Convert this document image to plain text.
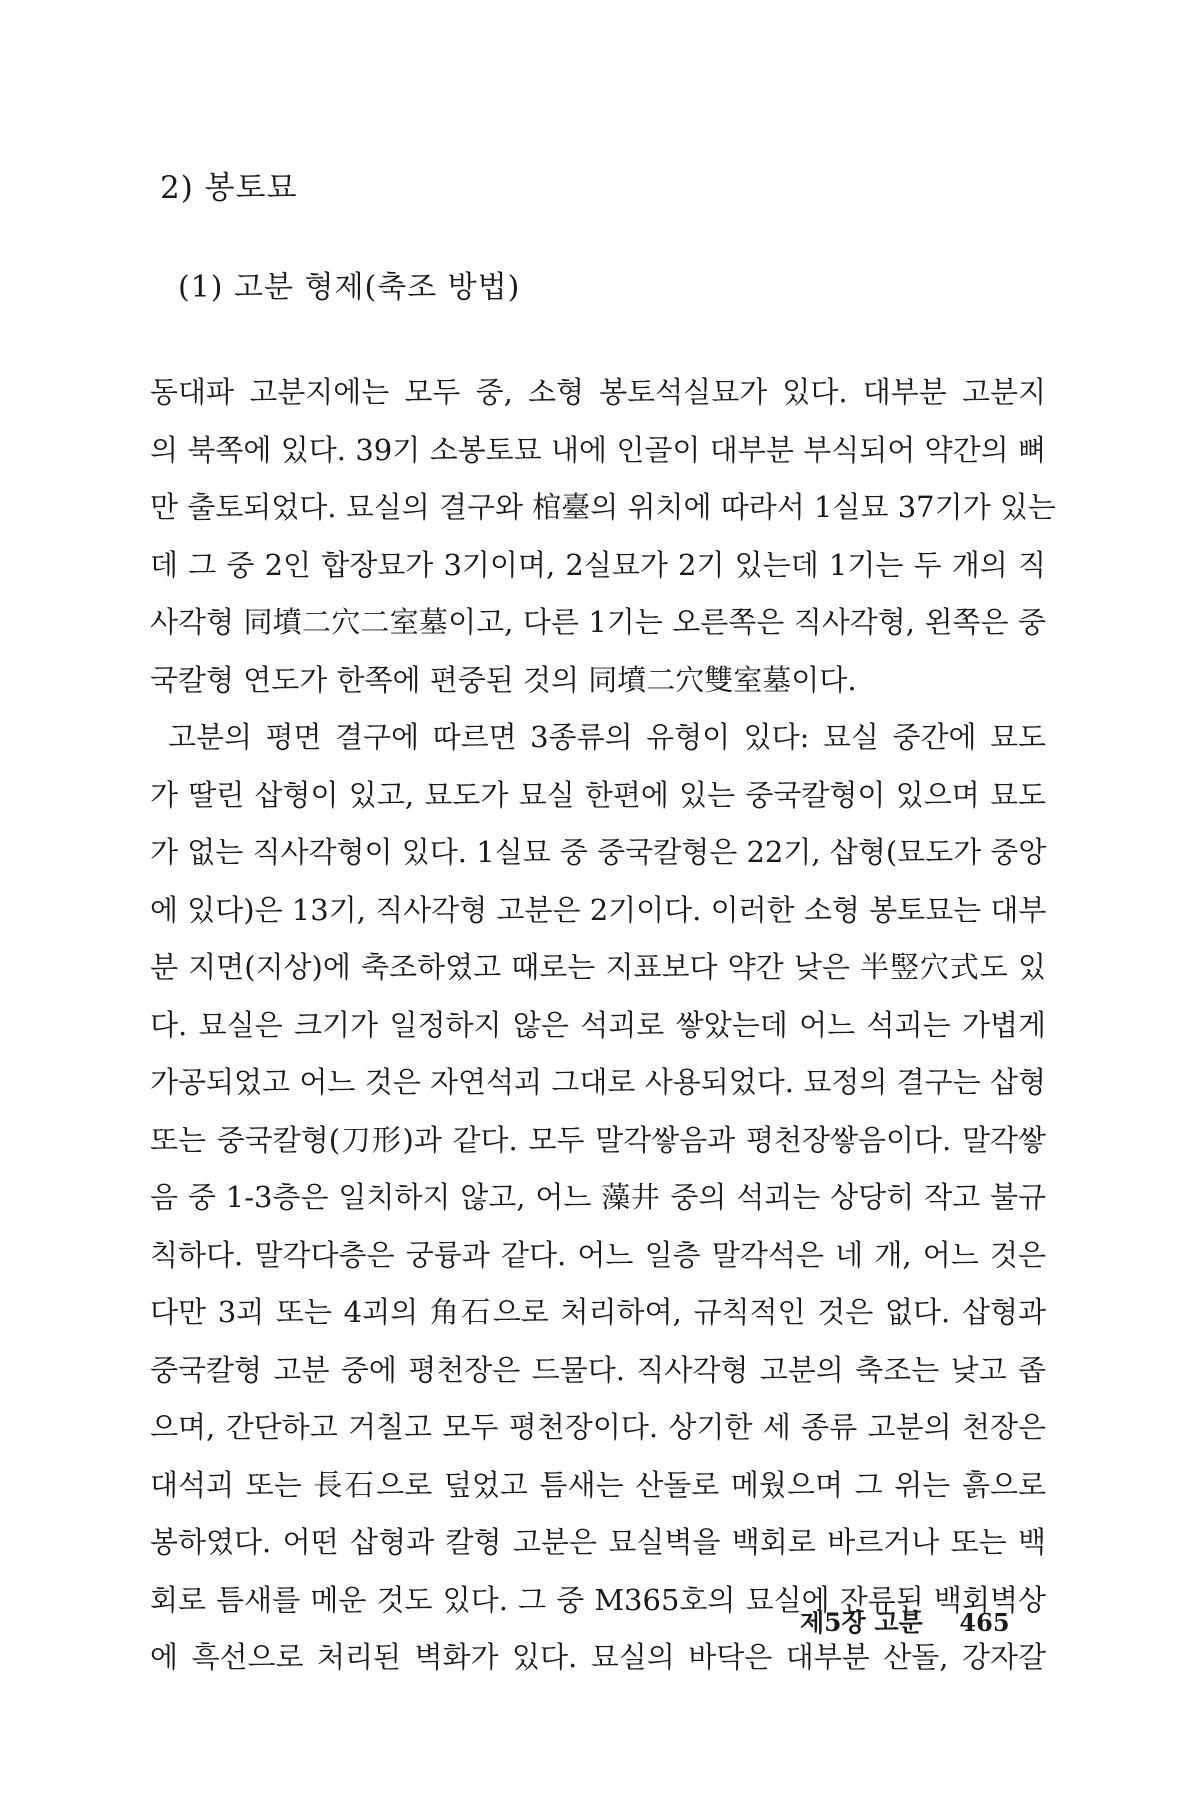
2) 봉토묘
(1) 고분 형제(축조 방법)
동대파 고분지에는 모두 중, 소형 봉토석실묘가 있다. 대부분 고분지
의 북쪽에 있다. 39기 소봉토묘 내에 인골이 대부분 부식되어 약간의 뼈
만 출토되었다. 묘실의 결구와 棺臺의 위치에 따라서 1실묘 37기가 있는
데 그 중 2인 합장묘가 3기이며, 2실묘가 2기 있는데 1기는 두 개의 직
사각형 同墳二穴二室墓이고, 다른 1기는 오른쪽은 직사각형, 왼쪽은 중
국칼형 연도가 한쪽에 편중된 것의 同墳二穴雙室墓이다.
고분의 평면 결구에 따르면 3종류의 유형이 있다: 묘실 중간에 묘도
가 딸린 삽형이 있고, 묘도가 묘실 한편에 있는 중국칼형이 있으며 묘도
가 없는 직사각형이 있다. 1실묘 중 중국칼형은 22기, 삽형(묘도가 중앙
에 있다)은 13기, 직사각형 고분은 2기이다. 이러한 소형 봉토묘는 대부
분 지면(지상)에 축조하였고 때로는 지표보다 약간 낮은 半竪穴式도 있
다. 묘실은 크기가 일정하지 않은 석괴로 쌓았는데 어느 석괴는 가볍게
가공되었고 어느 것은 자연석괴 그대로 사용되었다. 묘정의 결구는 삽형
또는 중국칼형(刀形)과 같다. 모두 말각쌓음과 평천장쌓음이다. 말각쌓
음 중 1-3층은 일치하지 않고, 어느 藻井 중의 석괴는 상당히 작고 불규
칙하다. 말각다층은 궁륭과 같다. 어느 일층 말각석은 네 개, 어느 것은
다만 3괴 또는 4괴의 角石으로 처리하여, 규칙적인 것은 없다. 삽형과
중국칼형 고분 중에 평천장은 드물다. 직사각형 고분의 축조는 낮고 좁
으며, 간단하고 거칠고 모두 평천장이다. 상기한 세 종류 고분의 천장은
대석괴 또는 長石으로 덮었고 틈새는 산돌로 메웠으며 그 위는 흙으로
봉하였다. 어떤 삽형과 칼형 고분은 묘실벽을 백회로 바르거나 또는 백
회로 틈새를 메운 것도 있다. 그 중 M365호의 묘실에 잔류된 백회벽상
에 흑선으로 처리된 벽화가 있다. 묘실의 바닥은 대부분 산돌, 강자갈
제5장 고분 465
